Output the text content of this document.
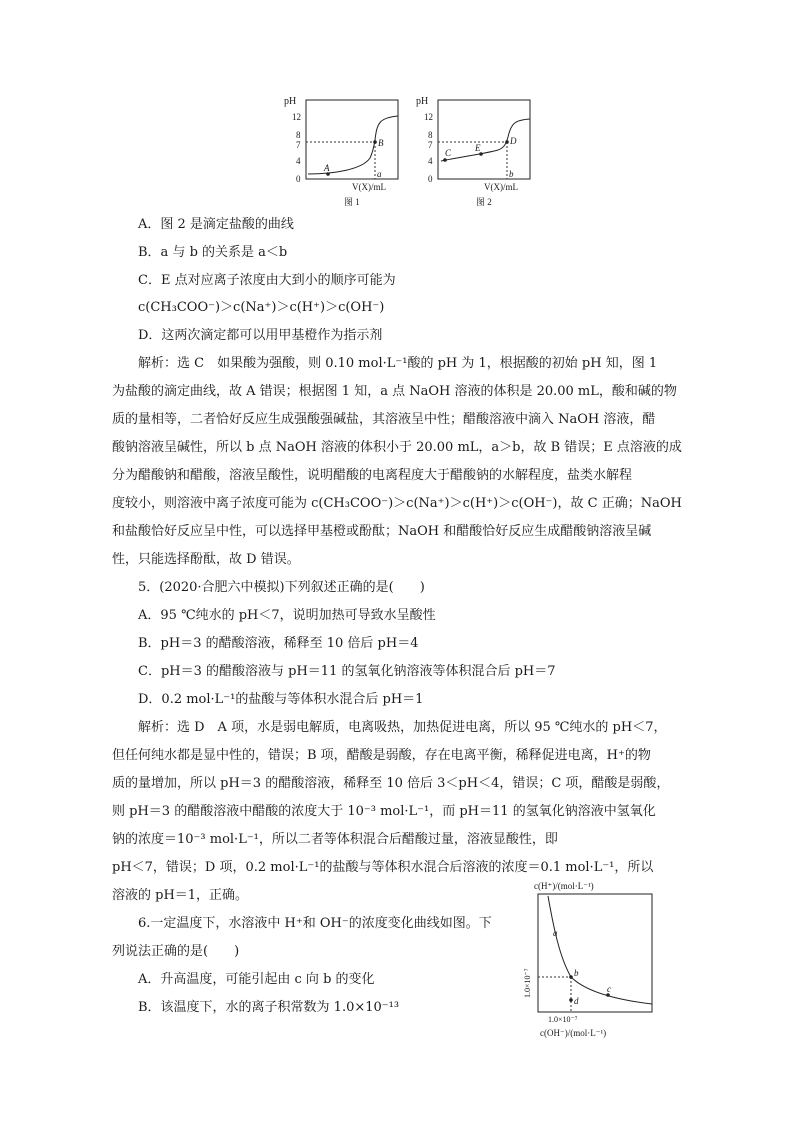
pH
12
8
7
4
0
A
B
a
V(X)/mL
图 1
pH
12
8
7
4
0
C	E
D
b
V(X)/mL
图 2
A．图 2 是滴定盐酸的曲线
B．a 与 b 的关系是 a＜b
C．E 点对应离子浓度由大到小的顺序可能为
c(CH₃COO⁻)＞c(Na⁺)＞c(H⁺)＞c(OH⁻)
D．这两次滴定都可以用甲基橙作为指示剂
解析：选 C　如果酸为强酸，则 0.10 mol·L⁻¹酸的 pH 为 1，根据酸的初始 pH 知，图 1
为盐酸的滴定曲线，故 A 错误；根据图 1 知，a 点 NaOH 溶液的体积是 20.00 mL，酸和碱的物
质的量相等，二者恰好反应生成强酸强碱盐，其溶液呈中性；醋酸溶液中滴入 NaOH 溶液，醋
酸钠溶液呈碱性，所以 b 点 NaOH 溶液的体积小于 20.00 mL，a＞b，故 B 错误；E 点溶液的成
分为醋酸钠和醋酸，溶液呈酸性，说明醋酸的电离程度大于醋酸钠的水解程度，盐类水解程
度较小，则溶液中离子浓度可能为 c(CH₃COO⁻)＞c(Na⁺)＞c(H⁺)＞c(OH⁻)，故 C 正确；NaOH
和盐酸恰好反应呈中性，可以选择甲基橙或酚酞；NaOH 和醋酸恰好反应生成醋酸钠溶液呈碱
性，只能选择酚酞，故 D 错误。
5．(2020·合肥六中模拟)下列叙述正确的是(　　)
A．95 ℃纯水的 pH＜7，说明加热可导致水呈酸性
B．pH＝3 的醋酸溶液，稀释至 10 倍后 pH＝4
C．pH＝3 的醋酸溶液与 pH＝11 的氢氧化钠溶液等体积混合后 pH＝7
D．0.2 mol·L⁻¹的盐酸与等体积水混合后 pH＝1
解析：选 D　A 项，水是弱电解质，电离吸热，加热促进电离，所以 95 ℃纯水的 pH＜7，
但任何纯水都是显中性的，错误；B 项，醋酸是弱酸，存在电离平衡，稀释促进电离，H⁺的物
质的量增加，所以 pH＝3 的醋酸溶液，稀释至 10 倍后 3＜pH＜4，错误；C 项，醋酸是弱酸，
则 pH＝3 的醋酸溶液中醋酸的浓度大于 10⁻³ mol·L⁻¹，而 pH＝11 的氢氧化钠溶液中氢氧化
钠的浓度＝10⁻³ mol·L⁻¹，所以二者等体积混合后醋酸过量，溶液显酸性，即
pH＜7，错误；D 项，0.2 mol·L⁻¹的盐酸与等体积水混合后溶液的浓度＝0.1 mol·L⁻¹，所以
溶液的 pH＝1，正确。
6.一定温度下，水溶液中 H⁺和 OH⁻的浓度变化曲线如图。下
列说法正确的是(　　)
A．升高温度，可能引起由 c 向 b 的变化
B．该温度下，水的离子积常数为 1.0×10⁻¹³
c(H⁺)/(mol·L⁻¹)
a
b
c
d
1.0×10⁻⁷
1.0×10⁻⁷
c(OH⁻)/(mol·L⁻¹)
